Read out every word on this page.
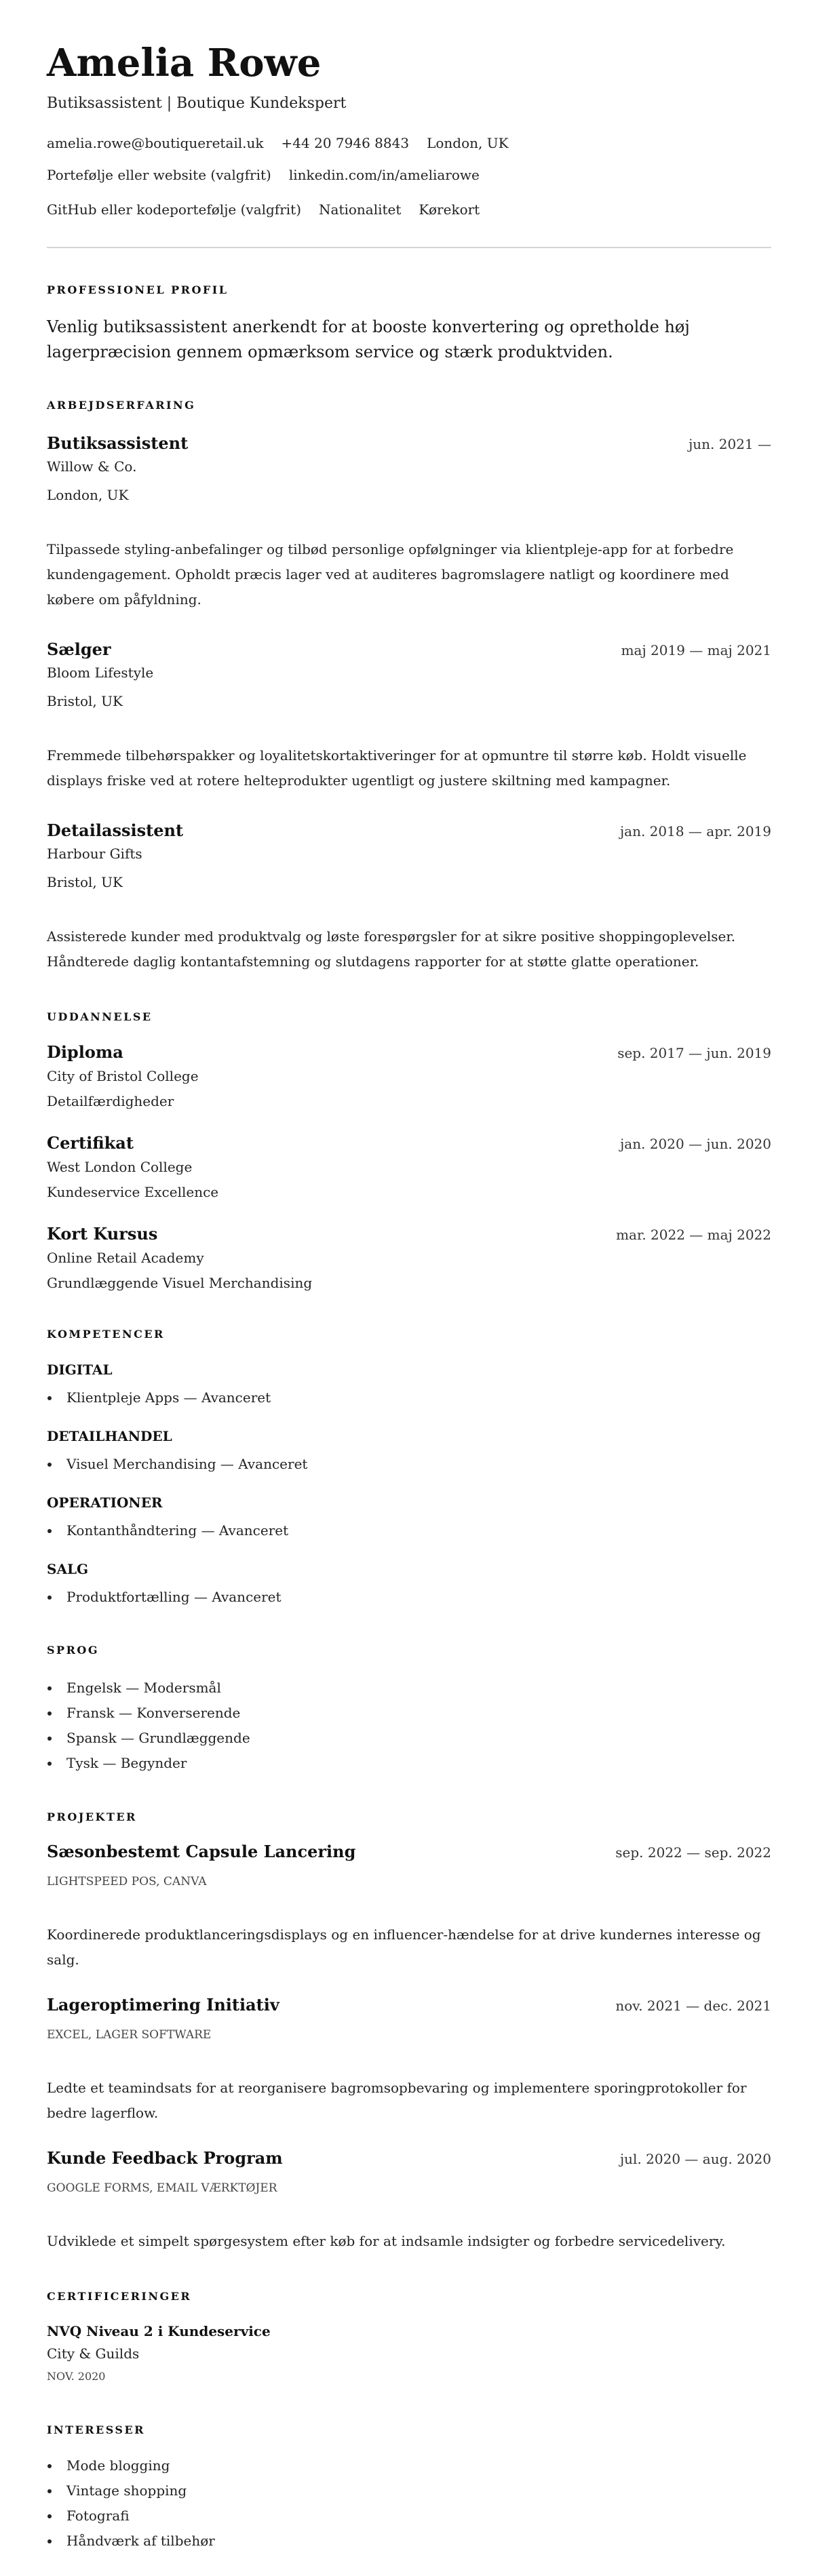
Amelia Rowe
Butiksassistent | Boutique Kundekspert
amelia.rowe@boutiqueretail.uk +44 20 7946 8843 London, UK
Portefølje eller website (valgfrit) linkedin.com/in/ameliarowe
GitHub eller kodeportefølje (valgfrit) Nationalitet Kørekort
PROFESSIONEL PROFIL

Venlig butiksassistent anerkendt for at booste konvertering og opretholde høj lagerpræcision gennem opmærksom service og stærk produktviden.

ARBEJDSERFARING
Butiksassistent	jun. 2021 —
Willow & Co.
London, UK

Tilpassede styling-anbefalinger og tilbød personlige opfølgninger via klientpleje-app for at forbedre kundengagement. Opholdt præcis lager ved at auditeres bagromslagere natligt og koordinere med købere om påfyldning.

Sælger	maj 2019 — maj 2021
Bloom Lifestyle
Bristol, UK

Fremmede tilbehørspakker og loyalitetskortaktiveringer for at opmuntre til større køb. Holdt visuelle displays friske ved at rotere helteprodukter ugentligt og justere skiltning med kampagner.

Detailassistent	jan. 2018 — apr. 2019
Harbour Gifts
Bristol, UK

Assisterede kunder med produktvalg og løste forespørgsler for at sikre positive shoppingoplevelser. Håndterede daglig kontantafstemning og slutdagens rapporter for at støtte glatte operationer.

UDDANNELSE
Diploma	sep. 2017 — jun. 2019
City of Bristol College
Detailfærdigheder
Certifikat	jan. 2020 — jun. 2020
West London College
Kundeservice Excellence
Kort Kursus	mar. 2022 — maj 2022
Online Retail Academy
Grundlæggende Visuel Merchandising
KOMPETENCER
DIGITAL
Klientpleje Apps — Avanceret
DETAILHANDEL
Visuel Merchandising — Avanceret
OPERATIONER
Kontanthåndtering — Avanceret
SALG
Produktfortælling — Avanceret
SPROG
Engelsk — Modersmål
Fransk — Konverserende
Spansk — Grundlæggende
Tysk — Begynder
PROJEKTER
Sæsonbestemt Capsule Lancering	sep. 2022 — sep. 2022
LIGHTSPEED POS, CANVA

Koordinerede produktlanceringsdisplays og en influencer-hændelse for at drive kundernes interesse og salg.

Lageroptimering Initiativ	nov. 2021 — dec. 2021
EXCEL, LAGER SOFTWARE

Ledte et teamindsats for at reorganisere bagromsopbevaring og implementere sporingprotokoller for bedre lagerflow.

Kunde Feedback Program	jul. 2020 — aug. 2020
GOOGLE FORMS, EMAIL VÆRKTØJER

Udviklede et simpelt spørgesystem efter køb for at indsamle indsigter og forbedre servicedelivery.

CERTIFICERINGER
NVQ Niveau 2 i Kundeservice
City & Guilds
NOV. 2020
INTERESSER
Mode blogging
Vintage shopping
Fotografi
Håndværk af tilbehør
